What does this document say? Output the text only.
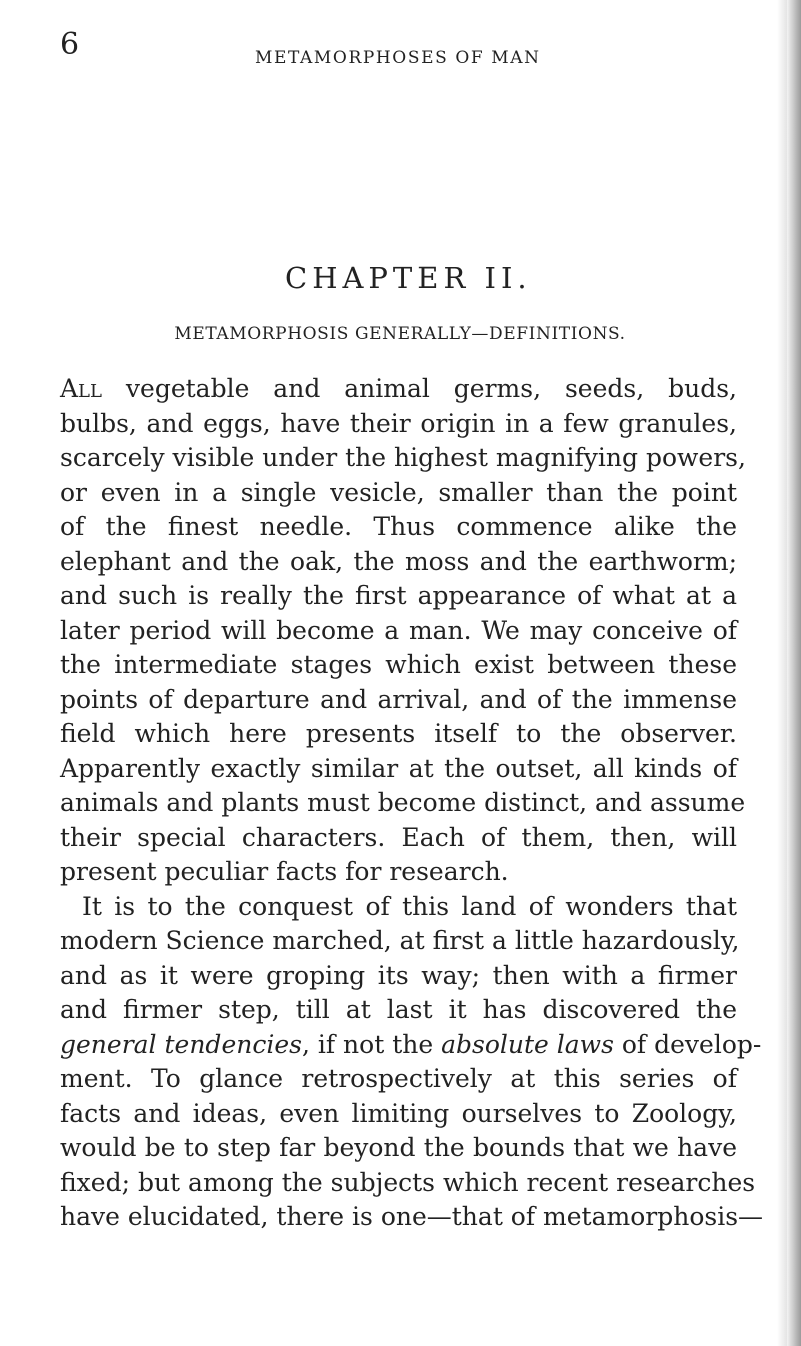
6	METAMORPHOSES OF MAN
CHAPTER II.
METAMORPHOSIS GENERALLY—DEFINITIONS.
All vegetable and animal germs, seeds, buds,
bulbs, and eggs, have their origin in a few granules,
scarcely visible under the highest magnifying powers,
or even in a single vesicle, smaller than the point
of the finest needle. Thus commence alike the
elephant and the oak, the moss and the earthworm;
and such is really the first appearance of what at a
later period will become a man. We may conceive of
the intermediate stages which exist between these
points of departure and arrival, and of the immense
field which here presents itself to the observer.
Apparently exactly similar at the outset, all kinds of
animals and plants must become distinct, and assume
their special characters. Each of them, then, will
present peculiar facts for research.
It is to the conquest of this land of wonders that
modern Science marched, at first a little hazardously,
and as it were groping its way; then with a firmer
and firmer step, till at last it has discovered the
general tendencies, if not the absolute laws of develop-
ment. To glance retrospectively at this series of
facts and ideas, even limiting ourselves to Zoology,
would be to step far beyond the bounds that we have
fixed; but among the subjects which recent researches
have elucidated, there is one—that of metamorphosis—
